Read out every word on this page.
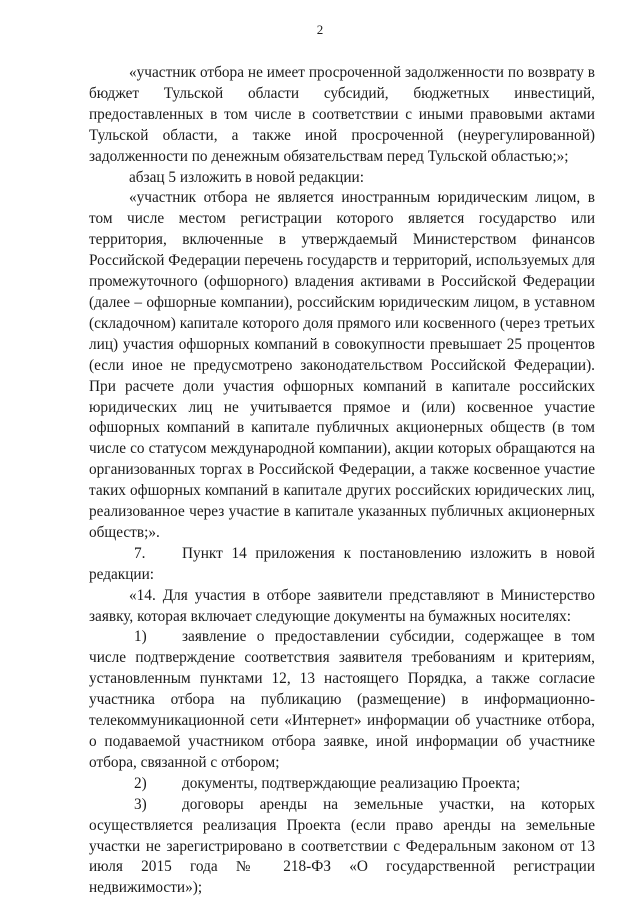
2

«участник отбора не имеет просроченной задолженности по возврату в бюджет Тульской области субсидий, бюджетных инвестиций, предоставленных в том числе в соответствии с иными правовыми актами Тульской области, а также иной просроченной (неурегулированной) задолженности по денежным обязательствам перед Тульской областью;»;

абзац 5 изложить в новой редакции:

«участник отбора не является иностранным юридическим лицом, в том числе местом регистрации которого является государство или территория, включенные в утверждаемый Министерством финансов Российской Федерации перечень государств и территорий, используемых для промежуточного (офшорного) владения активами в Российской Федерации (далее – офшорные компании), российским юридическим лицом, в уставном (складочном) капитале которого доля прямого или косвенного (через третьих лиц) участия офшорных компаний в совокупности превышает 25 процентов (если иное не предусмотрено законодательством Российской Федерации). При расчете доли участия офшорных компаний в капитале российских юридических лиц не учитывается прямое и (или) косвенное участие офшорных компаний в капитале публичных акционерных обществ (в том числе со статусом международной компании), акции которых обращаются на организованных торгах в Российской Федерации, а также косвенное участие таких офшорных компаний в капитале других российских юридических лиц, реализованное через участие в капитале указанных публичных акционерных обществ;».

7. Пункт 14 приложения к постановлению изложить в новой редакции:

«14. Для участия в отборе заявители представляют в Министерство заявку, которая включает следующие документы на бумажных носителях:

1) заявление о предоставлении субсидии, содержащее в том числе подтверждение соответствия заявителя требованиям и критериям, установленным пунктами 12, 13 настоящего Порядка, а также согласие участника отбора на публикацию (размещение) в информационно-телекоммуникационной сети «Интернет» информации об участнике отбора, о подаваемой участником отбора заявке, иной информации об участнике отбора, связанной с отбором;

2) документы, подтверждающие реализацию Проекта;

3) договоры аренды на земельные участки, на которых осуществляется реализация Проекта (если право аренды на земельные участки не зарегистрировано в соответствии с Федеральным законом от 13 июля 2015 года № 218-ФЗ «О государственной регистрации недвижимости»);
